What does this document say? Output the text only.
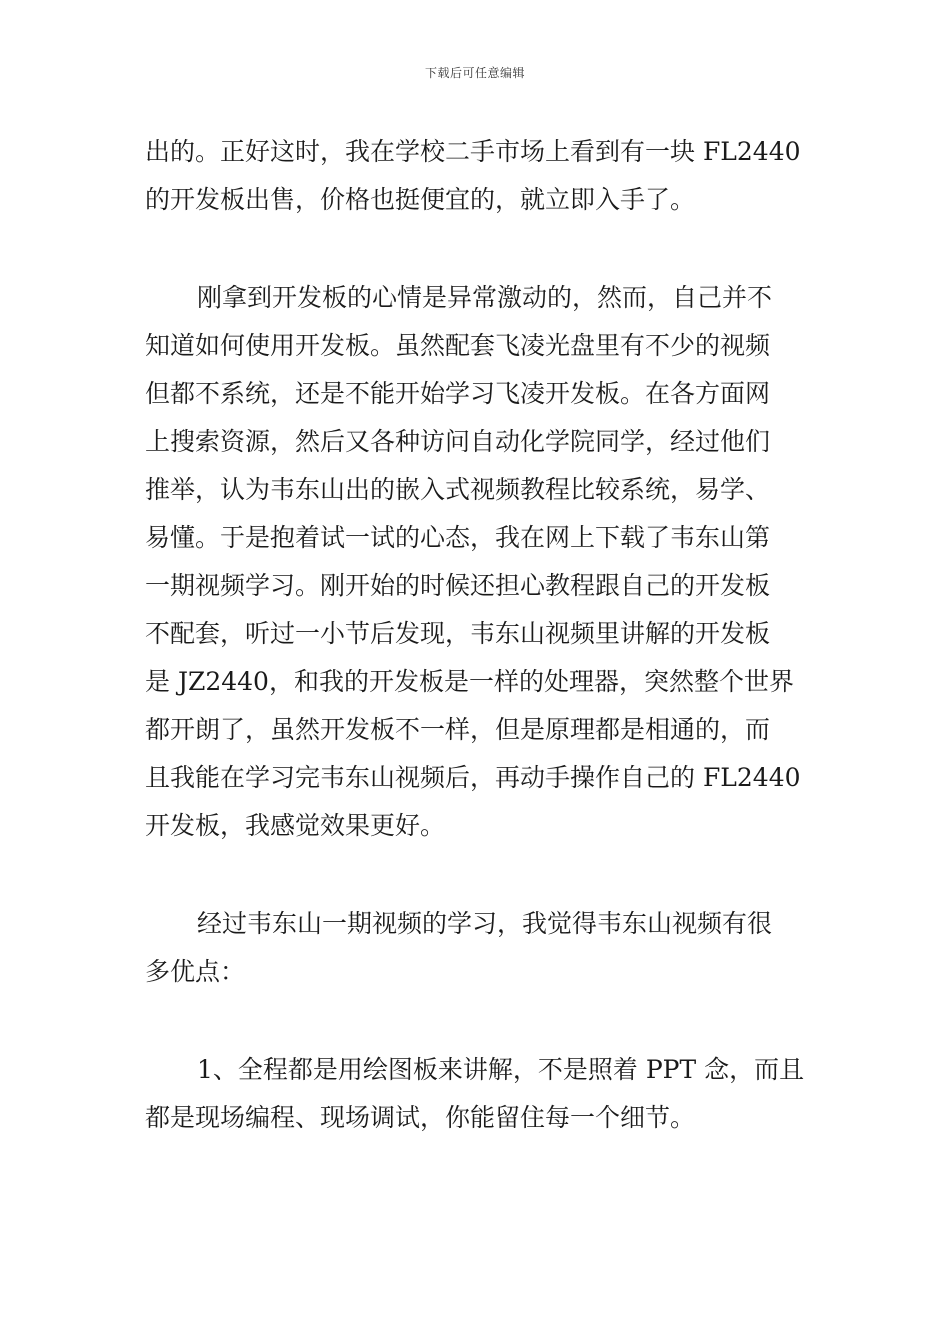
下载后可任意编辑
出的。正好这时，我在学校二手市场上看到有一块 FL2440
的开发板出售，价格也挺便宜的，就立即入手了。
刚拿到开发板的心情是异常激动的，然而，自己并不
知道如何使用开发板。虽然配套飞凌光盘里有不少的视频
但都不系统，还是不能开始学习飞凌开发板。在各方面网
上搜索资源，然后又各种访问自动化学院同学，经过他们
推举，认为韦东山出的嵌入式视频教程比较系统，易学、
易懂。于是抱着试一试的心态，我在网上下载了韦东山第
一期视频学习。刚开始的时候还担心教程跟自己的开发板
不配套，听过一小节后发现，韦东山视频里讲解的开发板
是 JZ2440，和我的开发板是一样的处理器，突然整个世界
都开朗了，虽然开发板不一样，但是原理都是相通的，而
且我能在学习完韦东山视频后，再动手操作自己的 FL2440
开发板，我感觉效果更好。
经过韦东山一期视频的学习，我觉得韦东山视频有很
多优点：
1、全程都是用绘图板来讲解，不是照着 PPT 念，而且
都是现场编程、现场调试，你能留住每一个细节。
